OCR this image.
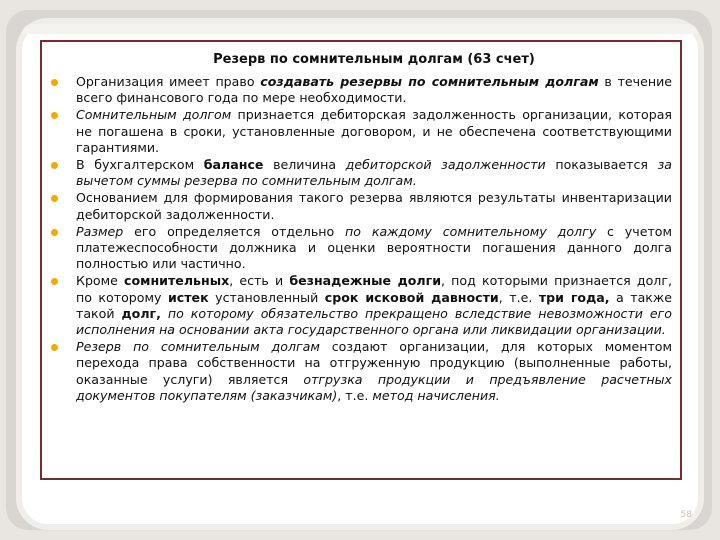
Резерв по сомнительным долгам (63 счет)
Организация имеет право создавать резервы по сомнительным долгам в течение всего финансового года по мере необходимости.
Сомнительным долгом признается дебиторская задолженность организации, которая не погашена в сроки, установленные договором, и не обеспечена соответствующими гарантиями.
В бухгалтерском балансе величина дебиторской задолженности показывается за вычетом суммы резерва по сомнительным долгам.
Основанием для формирования такого резерва являются результаты инвентаризации дебиторской задолженности.
Размер его определяется отдельно по каждому сомнительному долгу с учетом платежеспособности должника и оценки вероятности погашения данного долга полностью или частично.
Кроме сомнительных, есть и безнадежные долги, под которыми признается долг, по которому истек установленный срок исковой давности, т.е. три года, а также такой долг, по которому обязательство прекращено вследствие невозможности его исполнения на основании акта государственного органа или ликвидации организации.
Резерв по сомнительным долгам создают организации, для которых моментом перехода права собственности на отгруженную продукцию (выполненные работы, оказанные услуги) является отгрузка продукции и предъявление расчетных документов покупателям (заказчикам), т.е. метод начисления.
58
